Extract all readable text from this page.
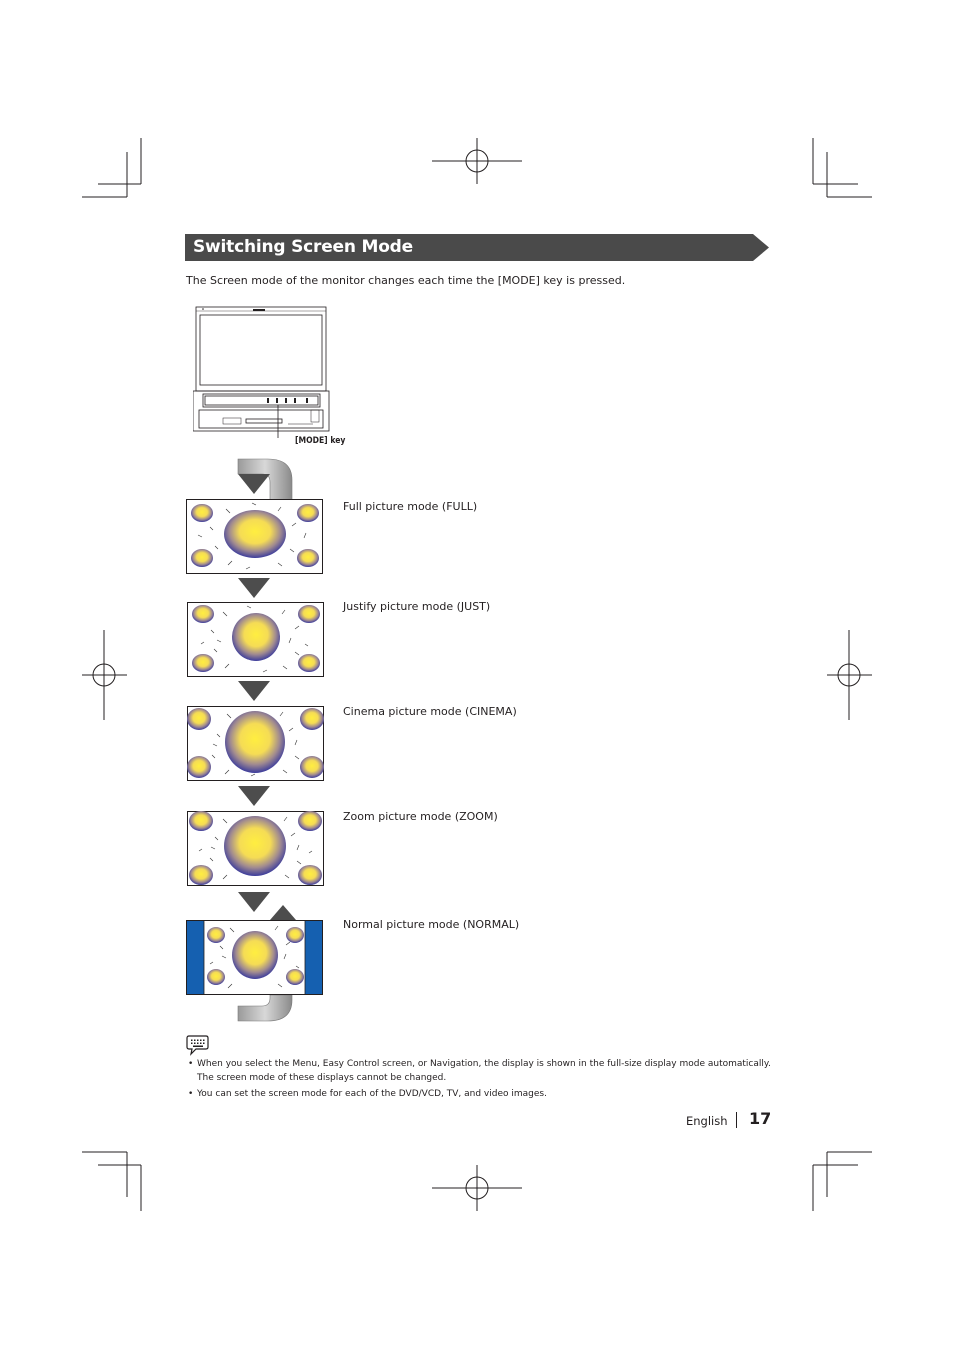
Switching Screen Mode
The Screen mode of the monitor changes each time the [MODE] key is pressed.
[MODE] key
Full picture mode (FULL)
Justify picture mode (JUST)
Cinema picture mode (CINEMA)
Zoom picture mode (ZOOM)
Normal picture mode (NORMAL)
• When you select the Menu, Easy Control screen, or Navigation, the display is shown in the full-size display mode automatically.
The screen mode of these displays cannot be changed.
• You can set the screen mode for each of the DVD/VCD, TV, and video images.
English 17
